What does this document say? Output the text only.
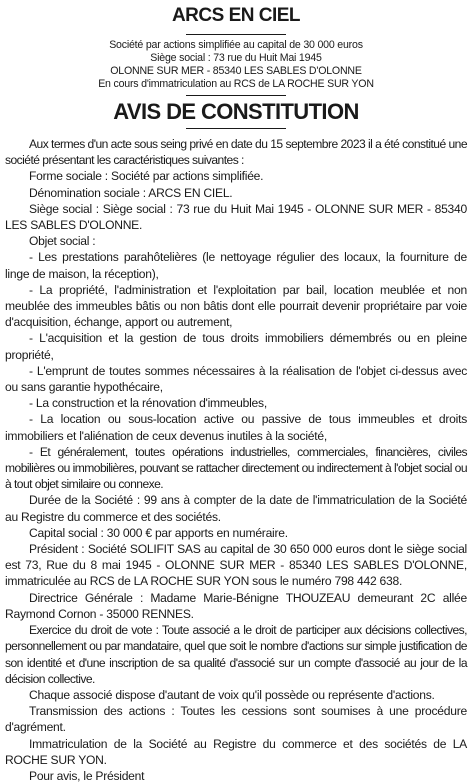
ARCS EN CIEL
Société par actions simplifiée au capital de 30 000 euros
Siège social : 73 rue du Huit Mai 1945
OLONNE SUR MER - 85340 LES SABLES D'OLONNE
En cours d'immatriculation au RCS de LA ROCHE SUR YON
AVIS DE CONSTITUTION

Aux termes d'un acte sous seing privé en date du 15 septembre 2023 il a été constitué une société présentant les caractéristiques suivantes :

Forme sociale : Société par actions simplifiée.

Dénomination sociale : ARCS EN CIEL.

Siège social : Siège social : 73 rue du Huit Mai 1945 - OLONNE SUR MER - 85340 LES SABLES D'OLONNE.

Objet social :

- Les prestations parahôtelières (le nettoyage régulier des locaux, la fourniture de linge de maison, la réception),

- La propriété, l'administration et l'exploitation par bail, location meublée et non meublée des immeubles bâtis ou non bâtis dont elle pourrait devenir propriétaire par voie d'acquisition, échange, apport ou autrement,

- L'acquisition et la gestion de tous droits immobiliers démembrés ou en pleine propriété,

- L'emprunt de toutes sommes nécessaires à la réalisation de l'objet ci-dessus avec ou sans garantie hypothécaire,

- La construction et la rénovation d'immeubles,

- La location ou sous-location active ou passive de tous immeubles et droits immobiliers et l'aliénation de ceux devenus inutiles à la société,

- Et généralement, toutes opérations industrielles, commerciales, financières, civiles mobilières ou immobilières, pouvant se rattacher directement ou indirectement à l'objet social ou à tout objet similaire ou connexe.

Durée de la Société : 99 ans à compter de la date de l'immatriculation de la Société au Registre du commerce et des sociétés.

Capital social : 30 000 € par apports en numéraire.

Président : Société SOLIFIT SAS au capital de 30 650 000 euros dont le siège social est 73, Rue du 8 mai 1945 - OLONNE SUR MER - 85340 LES SABLES D'OLONNE, immatriculée au RCS de LA ROCHE SUR YON sous le numéro 798 442 638.

Directrice Générale : Madame Marie-Bénigne THOUZEAU demeurant 2C allée Raymond Cornon - 35000 RENNES.

Exercice du droit de vote : Toute associé a le droit de participer aux décisions collectives, personnellement ou par mandataire, quel que soit le nombre d'actions sur simple justification de son identité et d'une inscription de sa qualité d'associé sur un compte d'associé au jour de la décision collective.

Chaque associé dispose d'autant de voix qu'il possède ou représente d'actions.

Transmission des actions : Toutes les cessions sont soumises à une procédure d'agrément.

Immatriculation de la Société au Registre du commerce et des sociétés de LA ROCHE SUR YON.

Pour avis, le Président
